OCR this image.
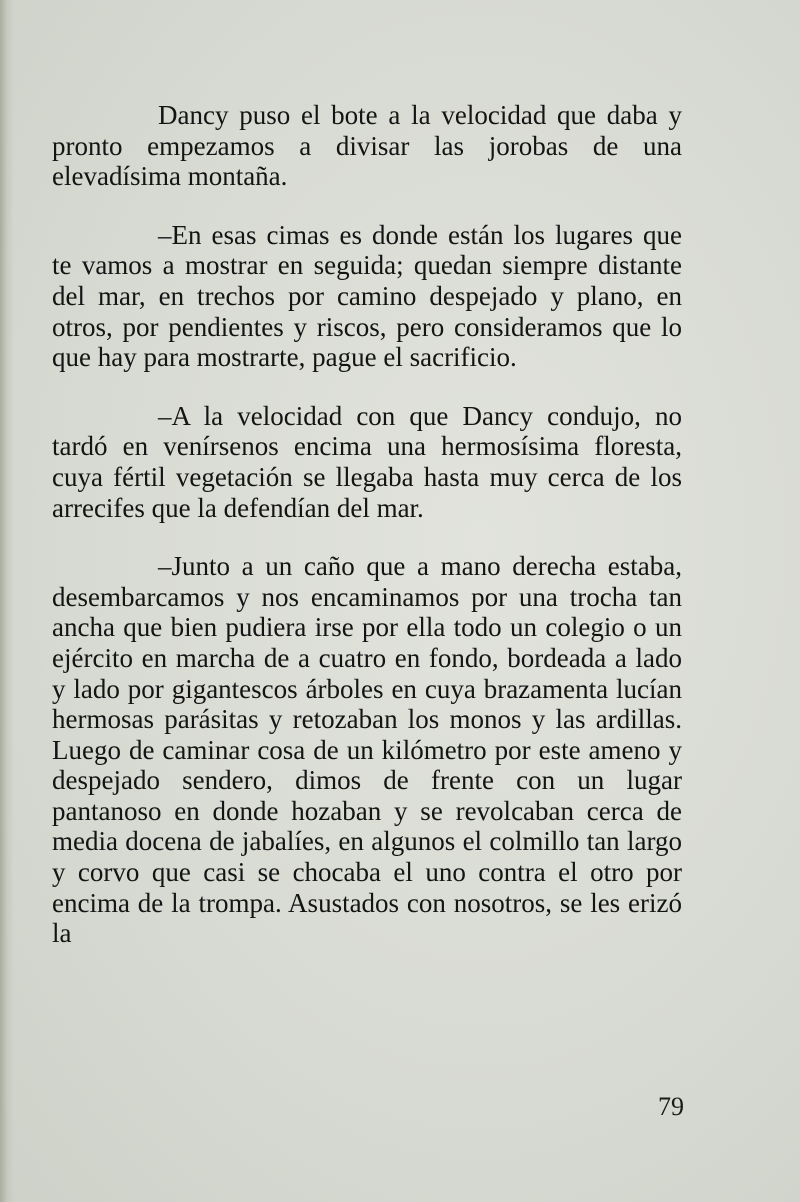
Dancy puso el bote a la velocidad que daba y pronto empezamos a divisar las jorobas de una elevadísima montaña.

–En esas cimas es donde están los lugares que te vamos a mostrar en seguida; quedan siempre distante del mar, en trechos por camino despejado y plano, en otros, por pendientes y riscos, pero consideramos que lo que hay para mostrarte, pague el sacrificio.

–A la velocidad con que Dancy condujo, no tardó en venírsenos encima una hermosísima floresta, cuya fértil vegetación se llegaba hasta muy cerca de los arrecifes que la defendían del mar.

–Junto a un caño que a mano derecha estaba, desembarcamos y nos encaminamos por una trocha tan ancha que bien pudiera irse por ella todo un colegio o un ejército en marcha de a cuatro en fondo, bordeada a lado y lado por gigantescos árboles en cuya brazamenta lucían hermosas parásitas y retozaban los monos y las ardillas. Luego de caminar cosa de un kilómetro por este ameno y despejado sendero, dimos de frente con un lugar pantanoso en donde hozaban y se revolcaban cerca de media docena de jabalíes, en algunos el colmillo tan largo y corvo que casi se chocaba el uno contra el otro por encima de la trompa. Asustados con nosotros, se les erizó la

79
